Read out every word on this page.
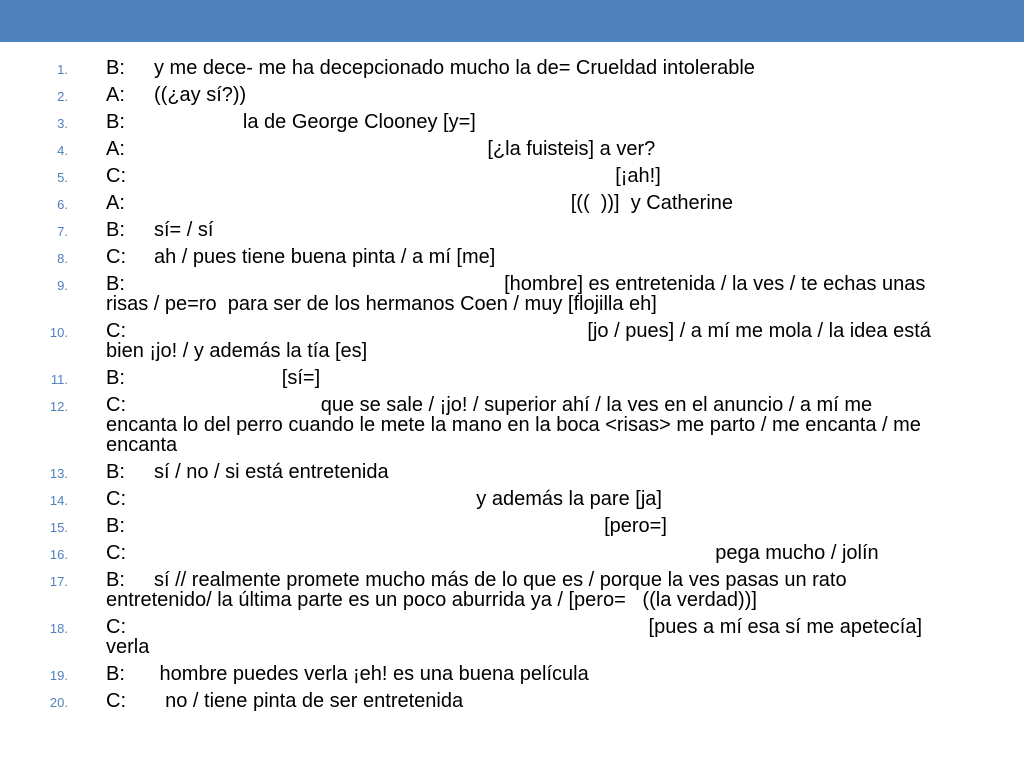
1. B: y me dece- me ha decepcionado mucho la de= Crueldad intolerable
2. A: ((¿ay sí?))
3. B:                la de George Clooney [y=]
4. A:                                                            [¿la fuisteis] a ver?
5. C:                                                                                   [¡ah!]
6. A:                                                                           [((  ))]  y Catherine
7. B: sí= / sí
8. C: ah / pues tiene buena pinta / a mí [me]
9. B:                                                               [hombre] es entretenida / la ves / te echas unas risas / pe=ro  para ser de los hermanos Coen / muy [flojilla eh]
10. C:                                                                              [jo / pues] / a mí me mola / la idea está bien ¡jo! / y además la tía [es]
11. B:                       [sí=]
12. C:                              que se sale / ¡jo! / superior ahí / la ves en el anuncio / a mí me encanta lo del perro cuando le mete la mano en la boca <risas> me parto / me encanta / me encanta
13. B: sí / no / si está entretenida
14. C:                                                          y además la pare [ja]
15. B:                                                                                 [pero=]
16. C:                                                                                                     pega mucho / jolín
17. B: sí // realmente promete mucho más de lo que es / porque la ves pasas un rato entretenido/ la última parte es un poco aburrida ya / [pero=   ((la verdad))]
18. C:                                                                                         [pues a mí esa sí me apetecía] verla
19. B: hombre puedes verla ¡eh! es una buena película
20. C:  no / tiene pinta de ser entretenida
